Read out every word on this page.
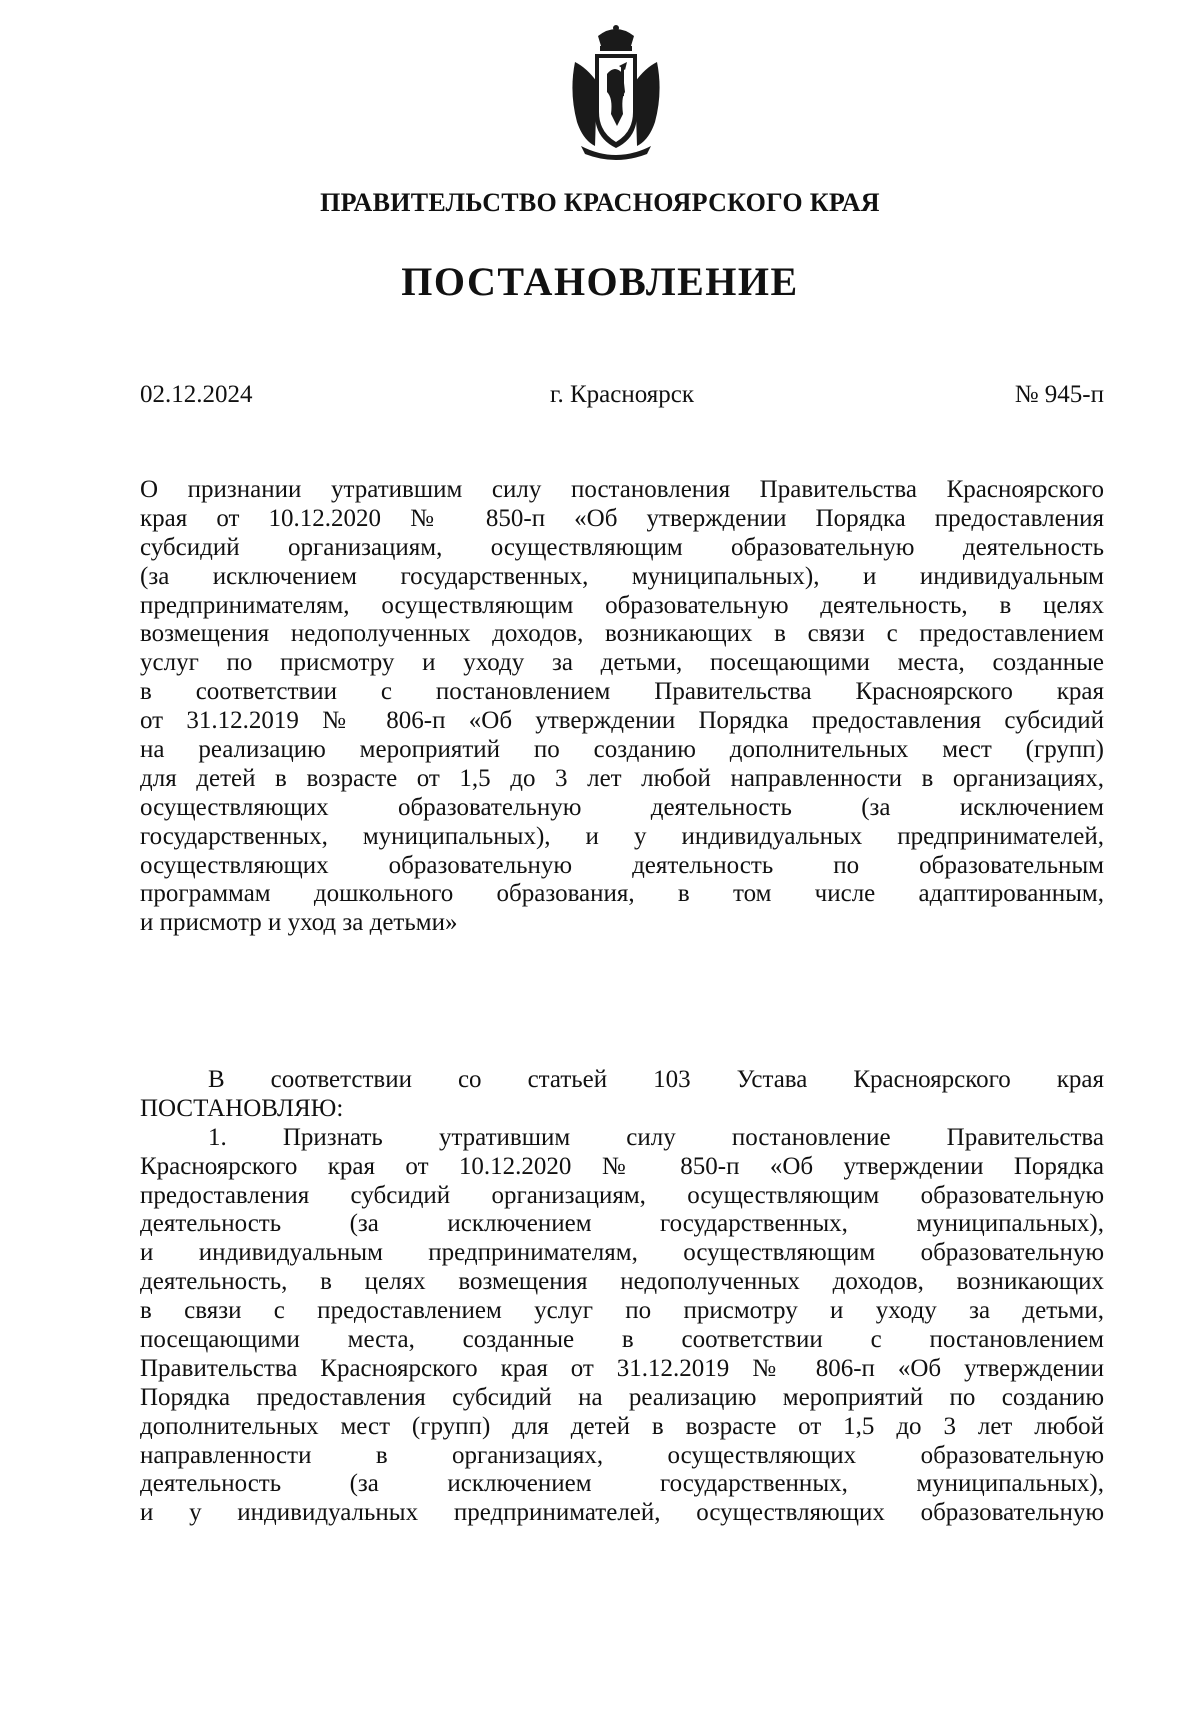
ПРАВИТЕЛЬСТВО КРАСНОЯРСКОГО КРАЯ
ПОСТАНОВЛЕНИЕ
02.12.2024	г. Красноярск	№ 945-п
О признании утратившим силу постановления Правительства Красноярского
края от 10.12.2020 № 850-п «Об утверждении Порядка предоставления
субсидий организациям, осуществляющим образовательную деятельность
(за исключением государственных, муниципальных), и индивидуальным
предпринимателям, осуществляющим образовательную деятельность, в целях
возмещения недополученных доходов, возникающих в связи с предоставлением
услуг по присмотру и уходу за детьми, посещающими места, созданные
в соответствии с постановлением Правительства Красноярского края
от 31.12.2019 № 806-п «Об утверждении Порядка предоставления субсидий
на реализацию мероприятий по созданию дополнительных мест (групп)
для детей в возрасте от 1,5 до 3 лет любой направленности в организациях,
осуществляющих образовательную деятельность (за исключением
государственных, муниципальных), и у индивидуальных предпринимателей,
осуществляющих образовательную деятельность по образовательным
программам дошкольного образования, в том числе адаптированным,
и присмотр и уход за детьми»
В соответствии со статьей 103 Устава Красноярского края
ПОСТАНОВЛЯЮ:
1. Признать утратившим силу постановление Правительства
Красноярского края от 10.12.2020 № 850-п «Об утверждении Порядка
предоставления субсидий организациям, осуществляющим образовательную
деятельность (за исключением государственных, муниципальных),
и индивидуальным предпринимателям, осуществляющим образовательную
деятельность, в целях возмещения недополученных доходов, возникающих
в связи с предоставлением услуг по присмотру и уходу за детьми,
посещающими места, созданные в соответствии с постановлением
Правительства Красноярского края от 31.12.2019 № 806-п «Об утверждении
Порядка предоставления субсидий на реализацию мероприятий по созданию
дополнительных мест (групп) для детей в возрасте от 1,5 до 3 лет любой
направленности в организациях, осуществляющих образовательную
деятельность (за исключением государственных, муниципальных),
и у индивидуальных предпринимателей, осуществляющих образовательную
